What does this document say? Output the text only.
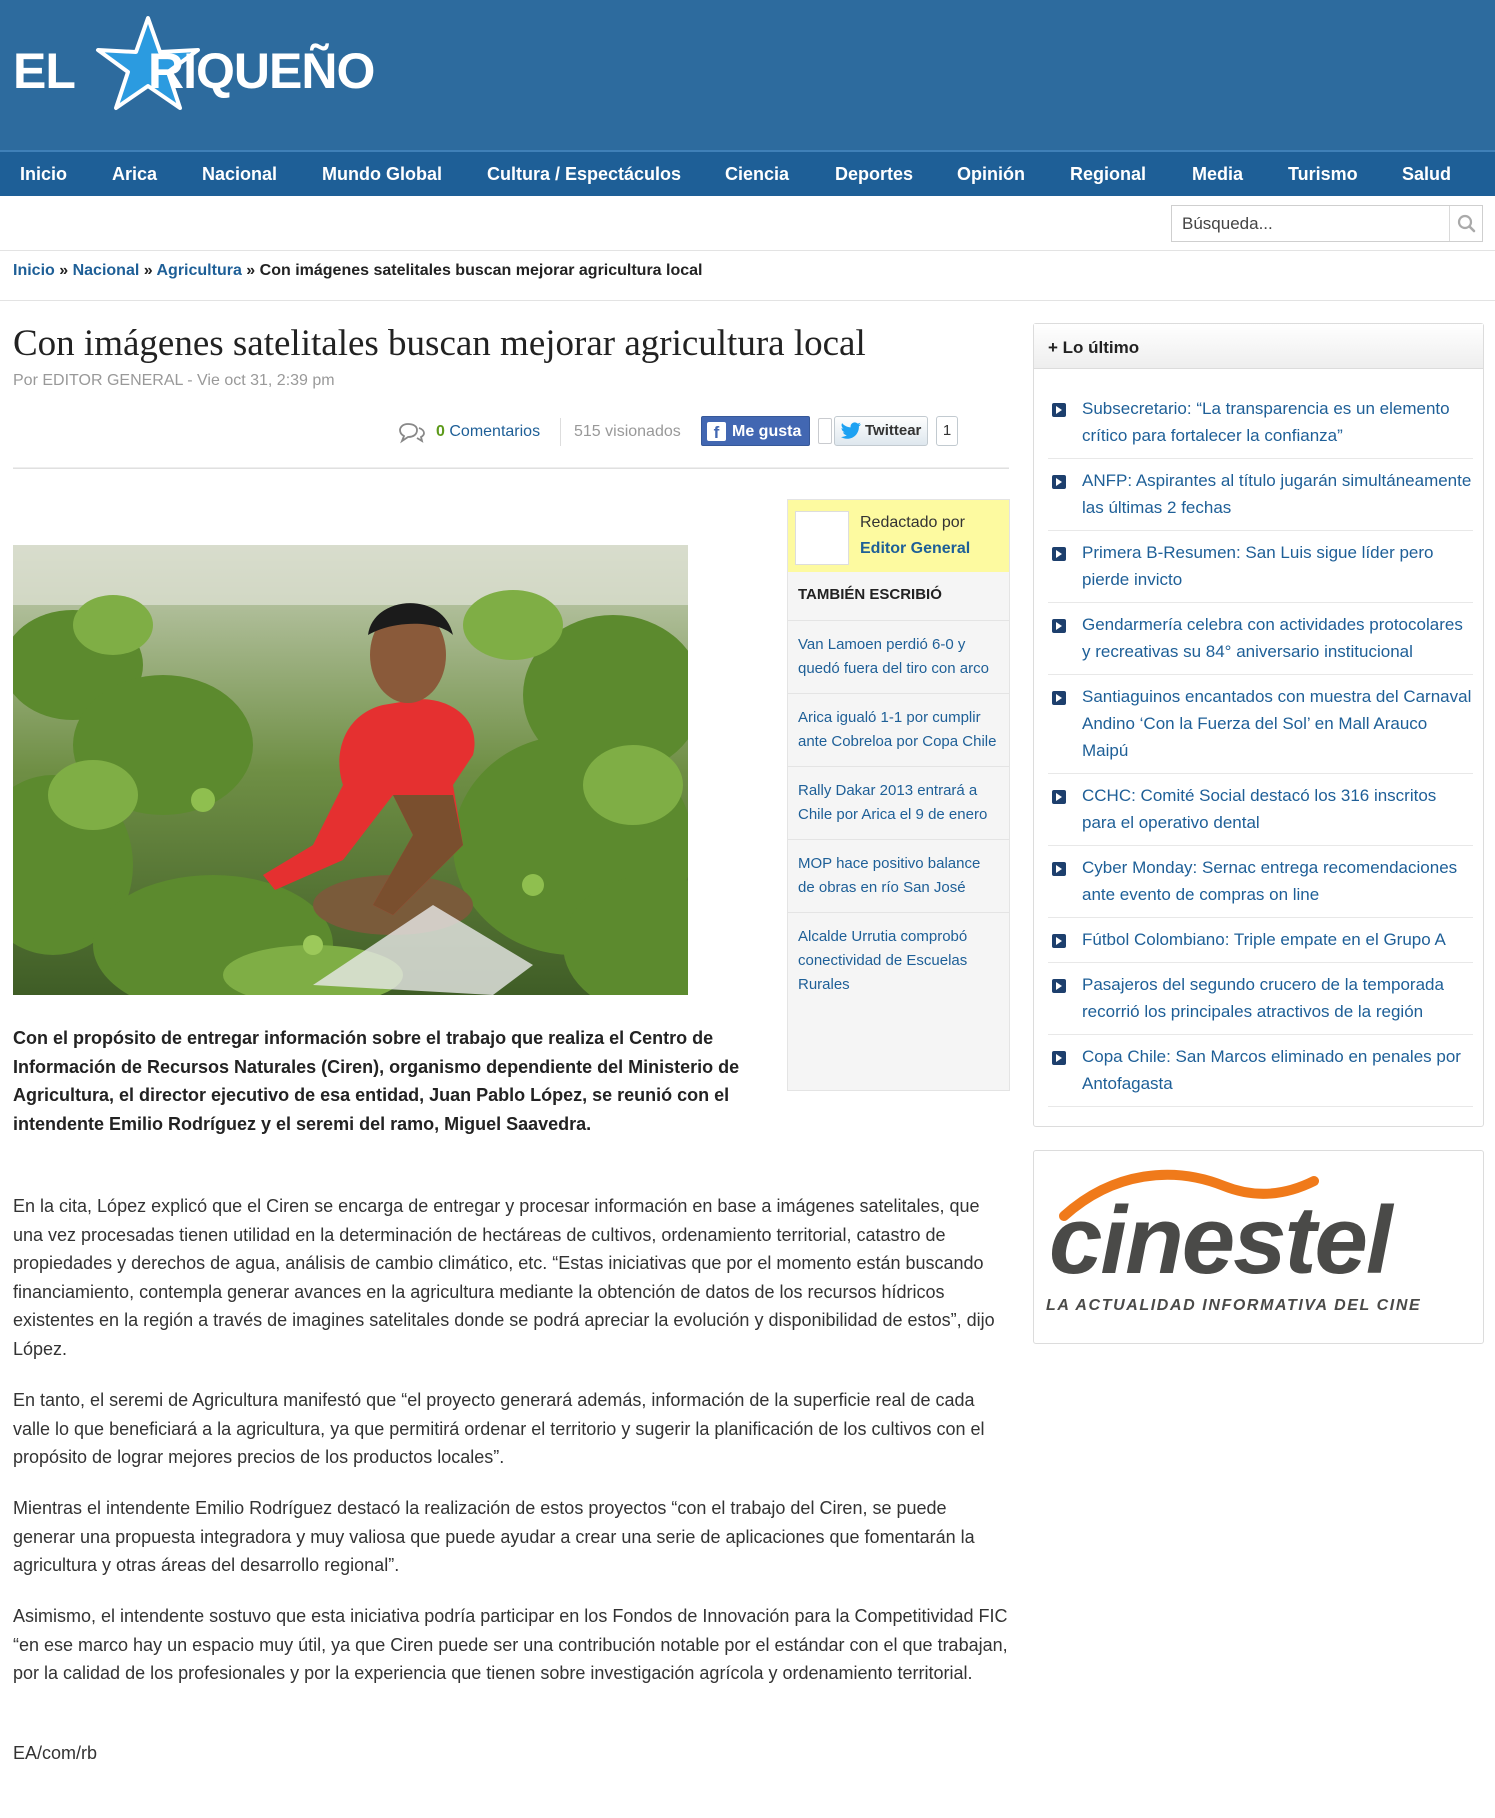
EL RIQUEÑO
Inicio Arica Nacional Mundo Global	Cultura / Espectáculos Ciencia	Deportes Opinión	Regional	Media Turismo Salud
Búsqueda...
Inicio » Nacional » Agricultura » Con imágenes satelitales buscan mejorar agricultura local
Con imágenes satelitales buscan mejorar agricultura local
Por EDITOR GENERAL - Vie oct 31, 2:39 pm
0 Comentarios 515 visionados	f Me gusta	Twittear	1
Redactado por
Editor General
TAMBIÉN ESCRIBIÓ
Van Lamoen perdió 6-0 y quedó fuera del tiro con arco
Arica igualó 1-1 por cumplir ante Cobreloa por Copa Chile
Rally Dakar 2013 entrará a Chile por Arica el 9 de enero
MOP hace positivo balance de obras en río San José
Alcalde Urrutia comprobó conectividad de Escuelas Rurales

Con el propósito de entregar información sobre el trabajo que realiza el Centro de Información de Recursos Naturales (Ciren), organismo dependiente del Ministerio de Agricultura, el director ejecutivo de esa entidad, Juan Pablo López, se reunió con el intendente Emilio Rodríguez y el seremi del ramo, Miguel Saavedra.

En la cita, López explicó que el Ciren se encarga de entregar y procesar información en base a imágenes satelitales, que una vez procesadas tienen utilidad en la determinación de hectáreas de cultivos, ordenamiento territorial, catastro de propiedades y derechos de agua, análisis de cambio climático, etc. “Estas iniciativas que por el momento están buscando financiamiento, contempla generar avances en la agricultura mediante la obtención de datos de los recursos hídricos existentes en la región a través de imagines satelitales donde se podrá apreciar la evolución y disponibilidad de estos”, dijo López.

En tanto, el seremi de Agricultura manifestó que “el proyecto generará además, información de la superficie real de cada valle lo que beneficiará a la agricultura, ya que permitirá ordenar el territorio y sugerir la planificación de los cultivos con el propósito de lograr mejores precios de los productos locales”.

Mientras el intendente Emilio Rodríguez destacó la realización de estos proyectos “con el trabajo del Ciren, se puede generar una propuesta integradora y muy valiosa que puede ayudar a crear una serie de aplicaciones que fomentarán la agricultura y otras áreas del desarrollo regional”.

Asimismo, el intendente sostuvo que esta iniciativa podría participar en los Fondos de Innovación para la Competitividad FIC “en ese marco hay un espacio muy útil, ya que Ciren puede ser una contribución notable por el estándar con el que trabajan, por la calidad de los profesionales y por la experiencia que tienen sobre investigación agrícola y ordenamiento territorial.

EA/com/rb

+ Lo último
Subsecretario: “La transparencia es un elemento crítico para fortalecer la confianza”
ANFP: Aspirantes al título jugarán simultáneamente las últimas 2 fechas
Primera B-Resumen: San Luis sigue líder pero pierde invicto
Gendarmería celebra con actividades protocolares y recreativas su 84° aniversario institucional
Santiaguinos encantados con muestra del Carnaval Andino ‘Con la Fuerza del Sol’ en Mall Arauco Maipú
CCHC: Comité Social destacó los 316 inscritos para el operativo dental
Cyber Monday: Sernac entrega recomendaciones ante evento de compras on line
Fútbol Colombiano: Triple empate en el Grupo A
Pasajeros del segundo crucero de la temporada recorrió los principales atractivos de la región
Copa Chile: San Marcos eliminado en penales por Antofagasta
cinestel
LA ACTUALIDAD INFORMATIVA DEL CINE
